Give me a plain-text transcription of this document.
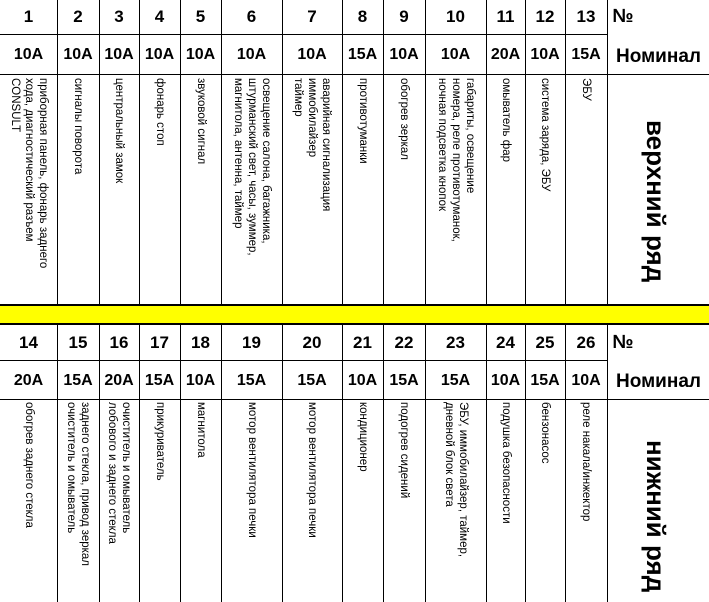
№
Номинал
верхний ряд
№
Номинал
нижний ряд
1
10A
приборная панель, фонарь заднего
хода, диагностический разъем
CONSULT
2
10A
сигналы поворота
3
10A
центральный замок
4
10A
фонарь стоп
5
10A
звуковой сигнал
6
10A
освещение салона, багажника,
штурманский свет, часы, зуммер,
магнитола, антенна, таймер
7
10A
аварийная сигнализация
иммобилайзер
таймер
8
15A
противотуманки
9
10A
обогрев зеркал
10
10A
габариты, освещение
номера, реле противотуманок,
ночная подсветка кнопок
11
20A
омыватель фар
12
10A
система заряда, ЭБУ
13
15A
ЭБУ
14
20A
обогрев заднего стекла
15
15A
заднего стекла, привод зеркал
очиститель и омыватель
16
20A
очиститель и омыватель
лобового и заднего стекла
17
15A
прикуриватель
18
10A
магнитола
19
15A
мотор вентилятора печки
20
15A
мотор вентилятора печки
21
10A
кондиционер
22
15A
подогрев сидений
23
15A
ЭБУ, иммобилайзер, таймер,
дневной блок света
24
10A
подушка безопасности
25
15A
бензонасос
26
10A
реле накала/инжектор
